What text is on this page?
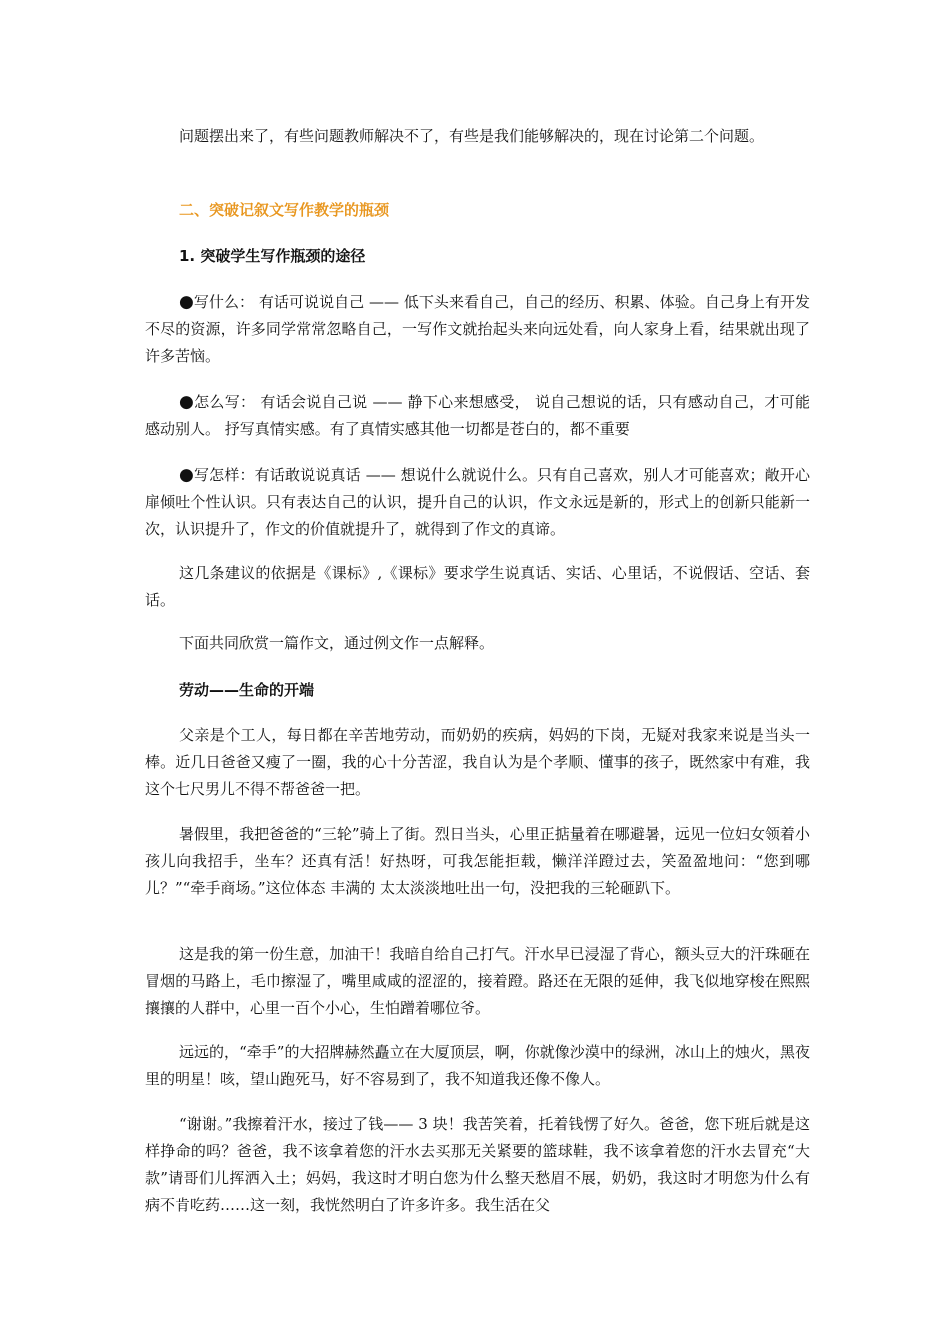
问题摆出来了，有些问题教师解决不了，有些是我们能够解决的，现在讨论第二个问题。

二、突破记叙文写作教学的瓶颈

1. 突破学生写作瓶颈的途径

●写什么： 有话可说说自己 —— 低下头来看自己，自己的经历、积累、体验。自己身上有开发不尽的资源，许多同学常常忽略自己，一写作文就抬起头来向远处看，向人家身上看，结果就出现了许多苦恼。

●怎么写： 有话会说自己说 —— 静下心来想感受， 说自己想说的话，只有感动自己，才可能感动别人。 抒写真情实感。有了真情实感其他一切都是苍白的，都不重要

●写怎样：有话敢说说真话 —— 想说什么就说什么。只有自己喜欢，别人才可能喜欢；敞开心扉倾吐个性认识。只有表达自己的认识，提升自己的认识，作文永远是新的，形式上的创新只能新一次，认识提升了，作文的价值就提升了，就得到了作文的真谛。

这几条建议的依据是《课标》,《课标》要求学生说真话、实话、心里话，不说假话、空话、套话。

下面共同欣赏一篇作文，通过例文作一点解释。

劳动——生命的开端

父亲是个工人，每日都在辛苦地劳动，而奶奶的疾病，妈妈的下岗，无疑对我家来说是当头一棒。近几日爸爸又瘦了一圈，我的心十分苦涩，我自认为是个孝顺、懂事的孩子，既然家中有难，我这个七尺男儿不得不帮爸爸一把。

暑假里，我把爸爸的“三轮”骑上了街。烈日当头，心里正掂量着在哪避暑，远见一位妇女领着小孩儿向我招手，坐车？还真有活！好热呀，可我怎能拒载，懒洋洋蹬过去，笑盈盈地问：“您到哪儿？”“牵手商场。”这位体态 丰满的 太太淡淡地吐出一句，没把我的三轮砸趴下。

这是我的第一份生意，加油干！我暗自给自己打气。汗水早已浸湿了背心，额头豆大的汗珠砸在冒烟的马路上，毛巾擦湿了，嘴里咸咸的涩涩的，接着蹬。路还在无限的延伸，我飞似地穿梭在熙熙攘攘的人群中，心里一百个小心，生怕蹭着哪位爷。

远远的，“牵手”的大招牌赫然矗立在大厦顶层，啊，你就像沙漠中的绿洲，冰山上的烛火，黑夜里的明星！咳，望山跑死马，好不容易到了，我不知道我还像不像人。

“谢谢。”我擦着汗水，接过了钱—— 3 块！我苦笑着，托着钱愣了好久。爸爸，您下班后就是这样挣命的吗？爸爸，我不该拿着您的汗水去买那无关紧要的篮球鞋，我不该拿着您的汗水去冒充“大款”请哥们儿挥洒入土；妈妈，我这时才明白您为什么整天愁眉不展，奶奶，我这时才明您为什么有病不肯吃药……这一刻，我恍然明白了许多许多。我生活在父
